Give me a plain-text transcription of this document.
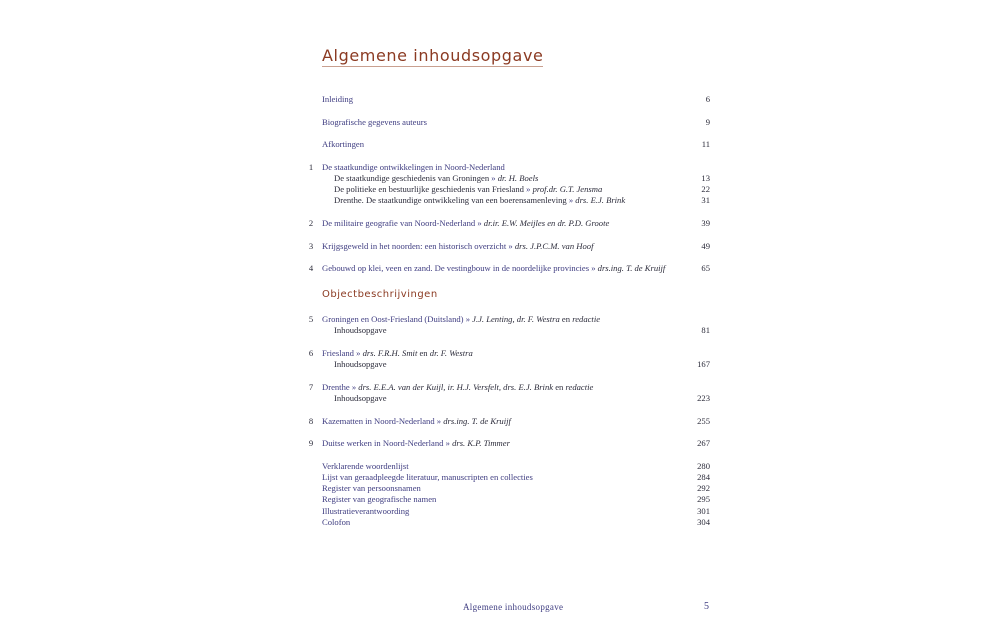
Algemene inhoudsopgave
Objectbeschrijvingen
Inleiding	6
Biografische gegevens auteurs	9
Afkortingen	11
1	De staatkundige ontwikkelingen in Noord-Nederland
De staatkundige geschiedenis van Groningen » dr. H. Boels	13
De politieke en bestuurlijke geschiedenis van Friesland » prof.dr. G.T. Jensma	22
Drenthe. De staatkundige ontwikkeling van een boerensamenleving » drs. E.J. Brink	31
2	De militaire geografie van Noord-Nederland » dr.ir. E.W. Meijles en dr. P.D. Groote	39
3	Krijgsgeweld in het noorden: een historisch overzicht » drs. J.P.C.M. van Hoof	49
4	Gebouwd op klei, veen en zand. De vestingbouw in de noordelijke provincies » drs.ing. T. de Kruijf	65
5	Groningen en Oost-Friesland (Duitsland) » J.J. Lenting, dr. F. Westra en redactie
Inhoudsopgave	81
6	Friesland » drs. F.R.H. Smit en dr. F. Westra
Inhoudsopgave	167
7	Drenthe » drs. E.E.A. van der Kuijl, ir. H.J. Versfelt, drs. E.J. Brink en redactie
Inhoudsopgave	223
8	Kazematten in Noord-Nederland » drs.ing. T. de Kruijf	255
9	Duitse werken in Noord-Nederland » drs. K.P. Timmer	267
Verklarende woordenlijst	280
Lijst van geraadpleegde literatuur, manuscripten en collecties	284
Register van persoonsnamen	292
Register van geografische namen	295
Illustratieverantwoording	301
Colofon	304
Algemene inhoudsopgave	5
